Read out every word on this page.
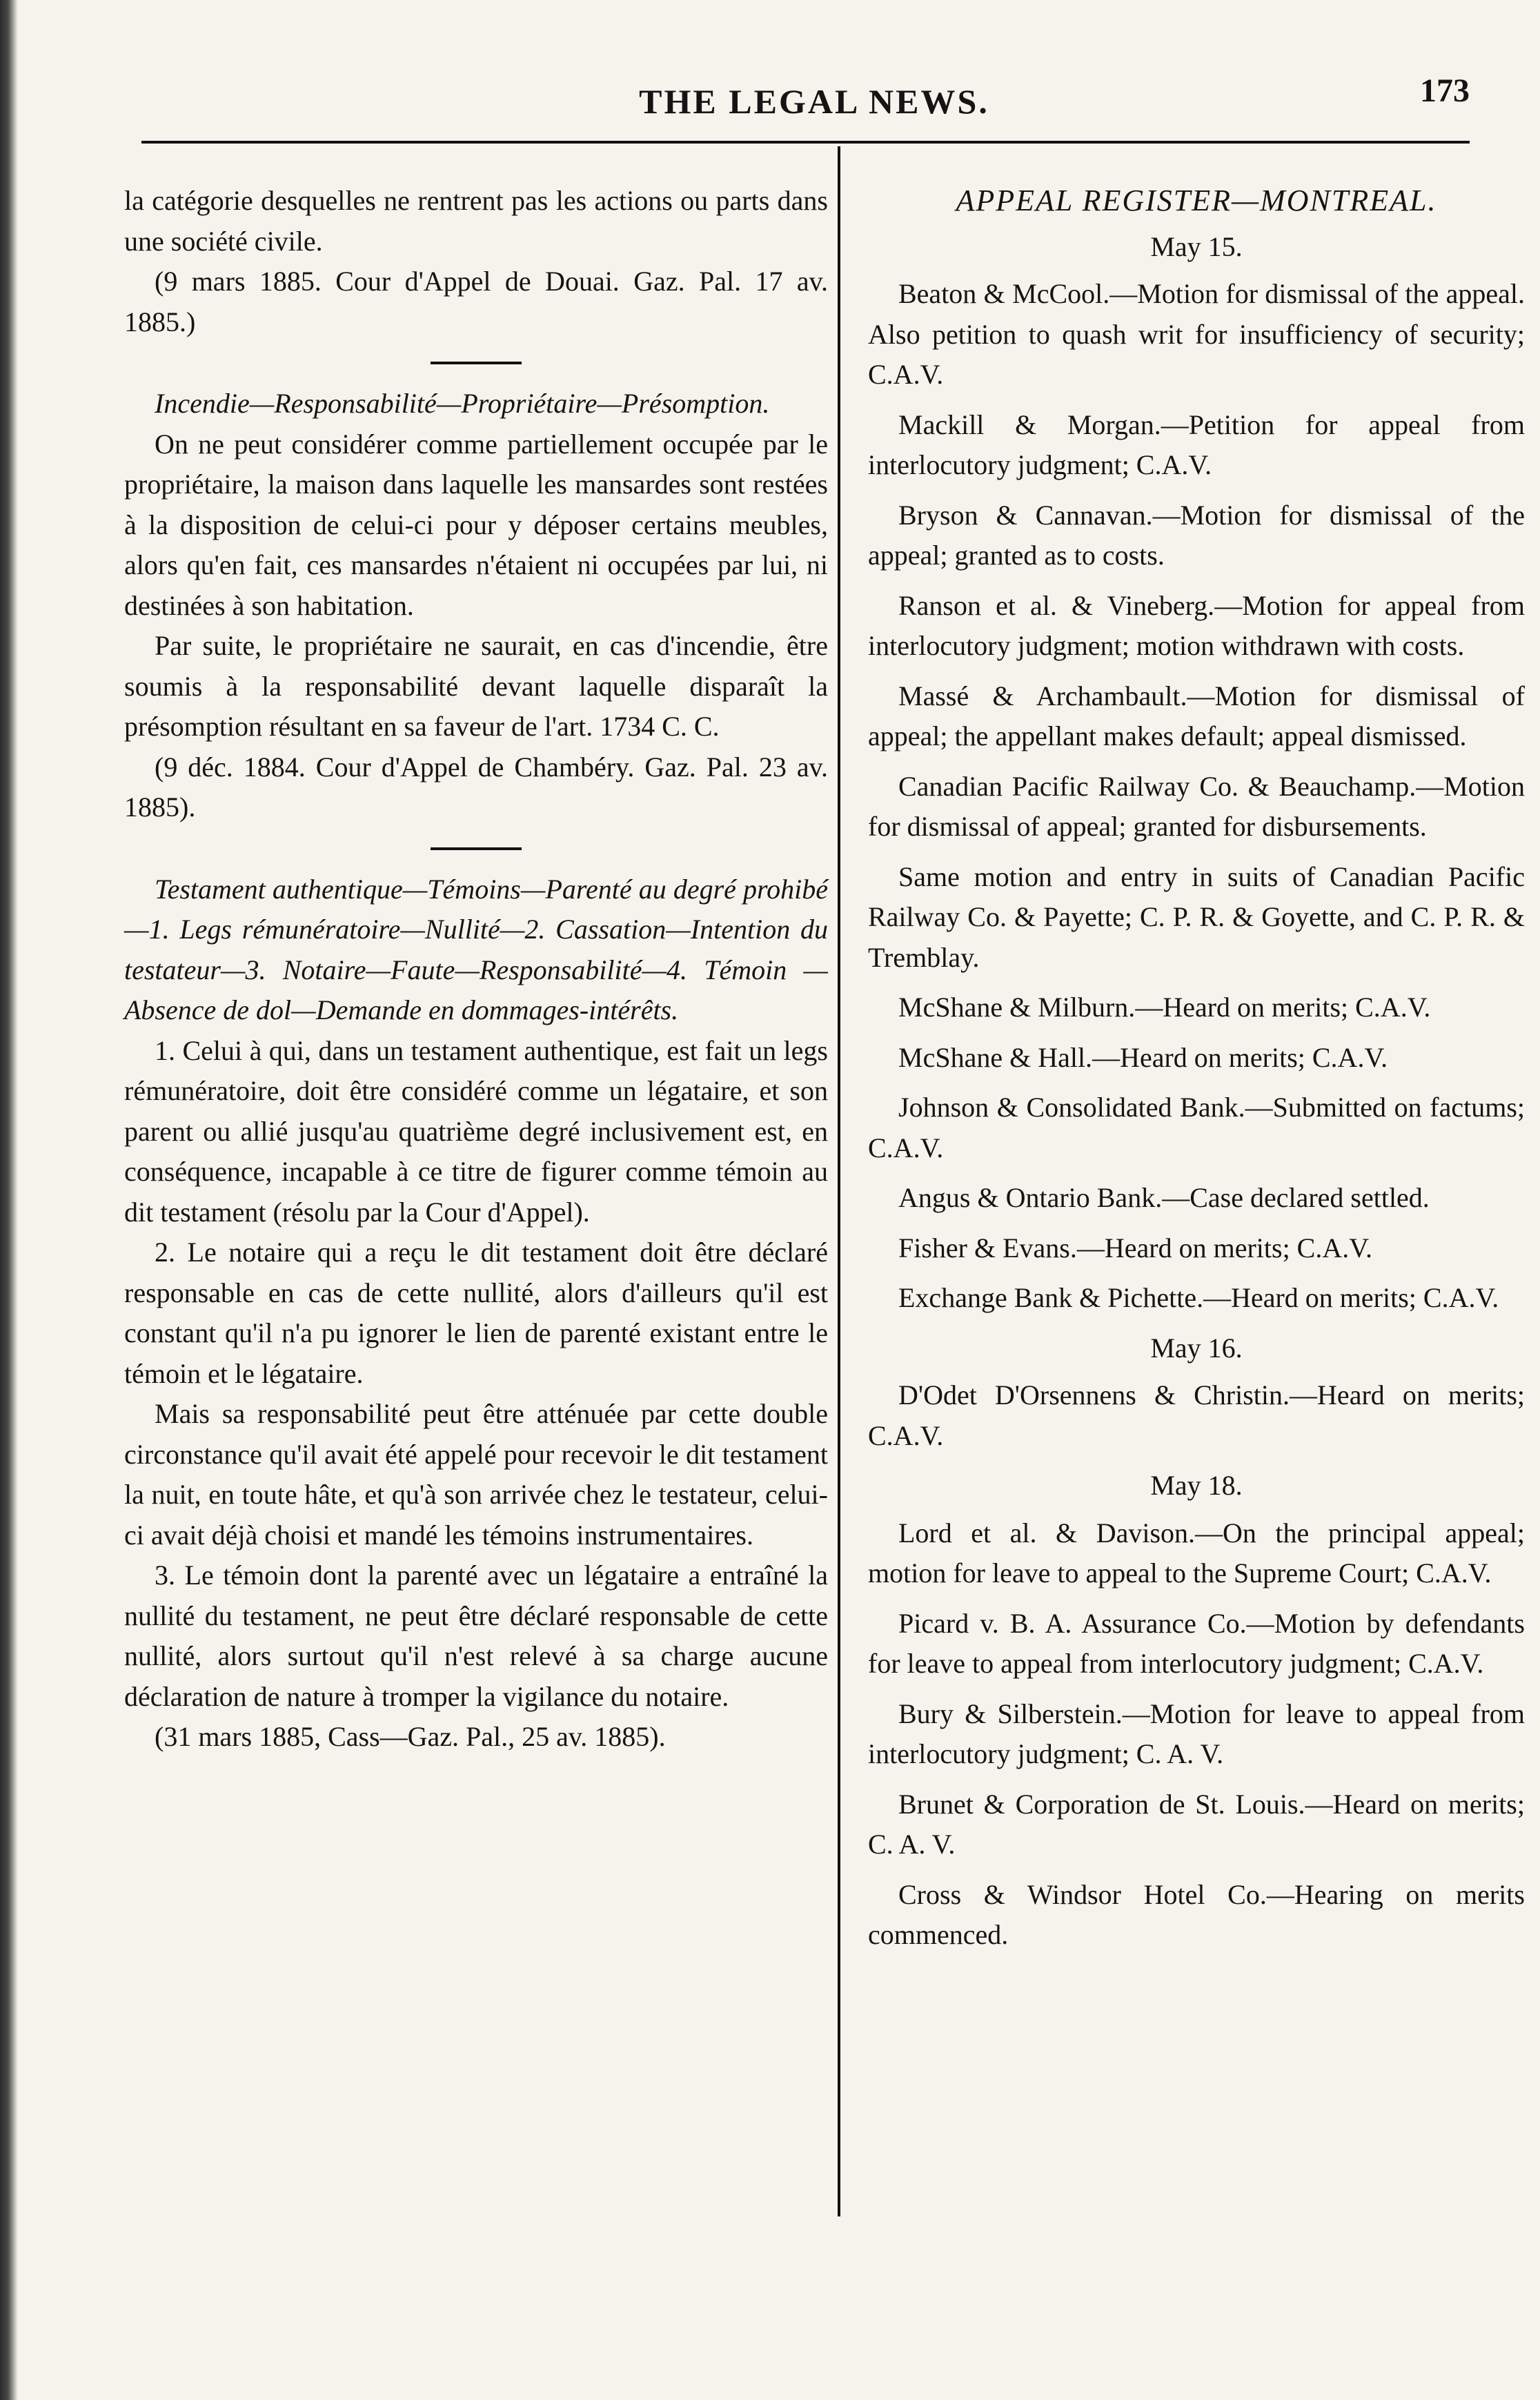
THE LEGAL NEWS.	173

la catégorie desquelles ne rentrent pas les actions ou parts dans une société civile.

(9 mars 1885. Cour d'Appel de Douai. Gaz. Pal. 17 av. 1885.)

Incendie—Responsabilité—Propriétaire—Présomption.

On ne peut considérer comme partiellement occupée par le propriétaire, la maison dans laquelle les mansardes sont restées à la disposition de celui-ci pour y déposer certains meubles, alors qu'en fait, ces mansardes n'étaient ni occupées par lui, ni destinées à son habitation.

Par suite, le propriétaire ne saurait, en cas d'incendie, être soumis à la responsabilité devant laquelle disparaît la présomption résultant en sa faveur de l'art. 1734 C. C.

(9 déc. 1884. Cour d'Appel de Chambéry. Gaz. Pal. 23 av. 1885).

Testament authentique—Témoins—Parenté au degré prohibé—1. Legs rémunératoire—Nullité—2. Cassation—Intention du testateur—3. Notaire—Faute—Responsabilité—4. Témoin — Absence de dol—Demande en dommages-intérêts.

1. Celui à qui, dans un testament authentique, est fait un legs rémunératoire, doit être considéré comme un légataire, et son parent ou allié jusqu'au quatrième degré inclusivement est, en conséquence, incapable à ce titre de figurer comme témoin au dit testament (résolu par la Cour d'Appel).

2. Le notaire qui a reçu le dit testament doit être déclaré responsable en cas de cette nullité, alors d'ailleurs qu'il est constant qu'il n'a pu ignorer le lien de parenté existant entre le témoin et le légataire.

Mais sa responsabilité peut être atténuée par cette double circonstance qu'il avait été appelé pour recevoir le dit testament la nuit, en toute hâte, et qu'à son arrivée chez le testateur, celui-ci avait déjà choisi et mandé les témoins instrumentaires.

3. Le témoin dont la parenté avec un légataire a entraîné la nullité du testament, ne peut être déclaré responsable de cette nullité, alors surtout qu'il n'est relevé à sa charge aucune déclaration de nature à tromper la vigilance du notaire.

(31 mars 1885, Cass—Gaz. Pal., 25 av. 1885).

APPEAL REGISTER—MONTREAL.
May 15.

Beaton & McCool.—Motion for dismissal of the appeal. Also petition to quash writ for insufficiency of security; C.A.V.

Mackill & Morgan.—Petition for appeal from interlocutory judgment; C.A.V.

Bryson & Cannavan.—Motion for dismissal of the appeal; granted as to costs.

Ranson et al. & Vineberg.—Motion for appeal from interlocutory judgment; motion withdrawn with costs.

Massé & Archambault.—Motion for dismissal of appeal; the appellant makes default; appeal dismissed.

Canadian Pacific Railway Co. & Beauchamp.—Motion for dismissal of appeal; granted for disbursements.

Same motion and entry in suits of Canadian Pacific Railway Co. & Payette; C. P. R. & Goyette, and C. P. R. & Tremblay.

McShane & Milburn.—Heard on merits; C.A.V.

McShane & Hall.—Heard on merits; C.A.V.

Johnson & Consolidated Bank.—Submitted on factums; C.A.V.

Angus & Ontario Bank.—Case declared settled.

Fisher & Evans.—Heard on merits; C.A.V.

Exchange Bank & Pichette.—Heard on merits; C.A.V.

May 16.

D'Odet D'Orsennens & Christin.—Heard on merits; C.A.V.

May 18.

Lord et al. & Davison.—On the principal appeal; motion for leave to appeal to the Supreme Court; C.A.V.

Picard v. B. A. Assurance Co.—Motion by defendants for leave to appeal from interlocutory judgment; C.A.V.

Bury & Silberstein.—Motion for leave to appeal from interlocutory judgment; C. A. V.

Brunet & Corporation de St. Louis.—Heard on merits; C. A. V.

Cross & Windsor Hotel Co.—Hearing on merits commenced.
